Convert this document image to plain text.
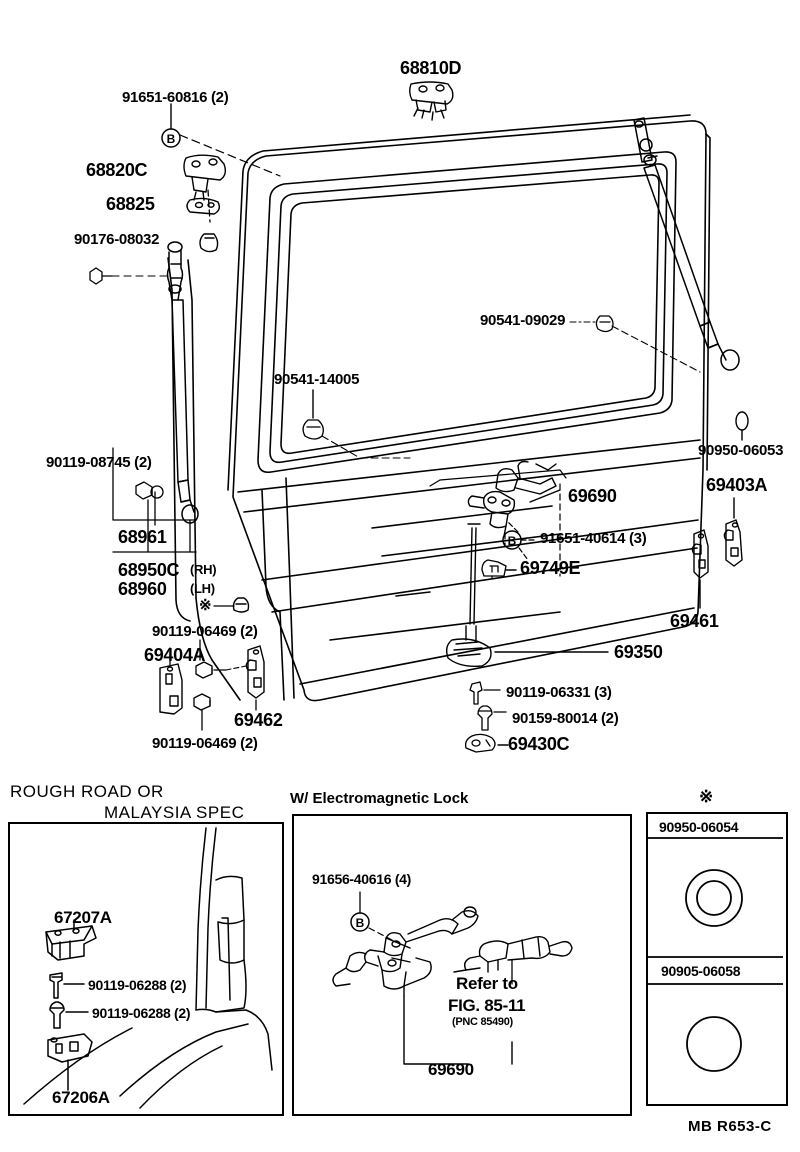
B
B
68810D
91651-60816 (2)
68820C
68825
90176-08032
90541-09029
90541-14005
90119-08745 (2)
68961
68950C
68960
69690
91651-40614 (3)
69749E
90950-06053
69403A
69461
90119-06469 (2)
69404A
69462
90119-06469 (2)
69350
90119-06331 (3)
90159-80014 (2)
69430C
(RH)
(LH)
※
ROUGH ROAD OR
MALAYSIA SPEC
67207A
90119-06288 (2)
90119-06288 (2)
67206A
W/ Electromagnetic Lock
B
91656-40616 (4)
Refer to
FIG. 85-11
(PNC 85490)
69690
※
90950-06054
90905-06058
MB R653-C
